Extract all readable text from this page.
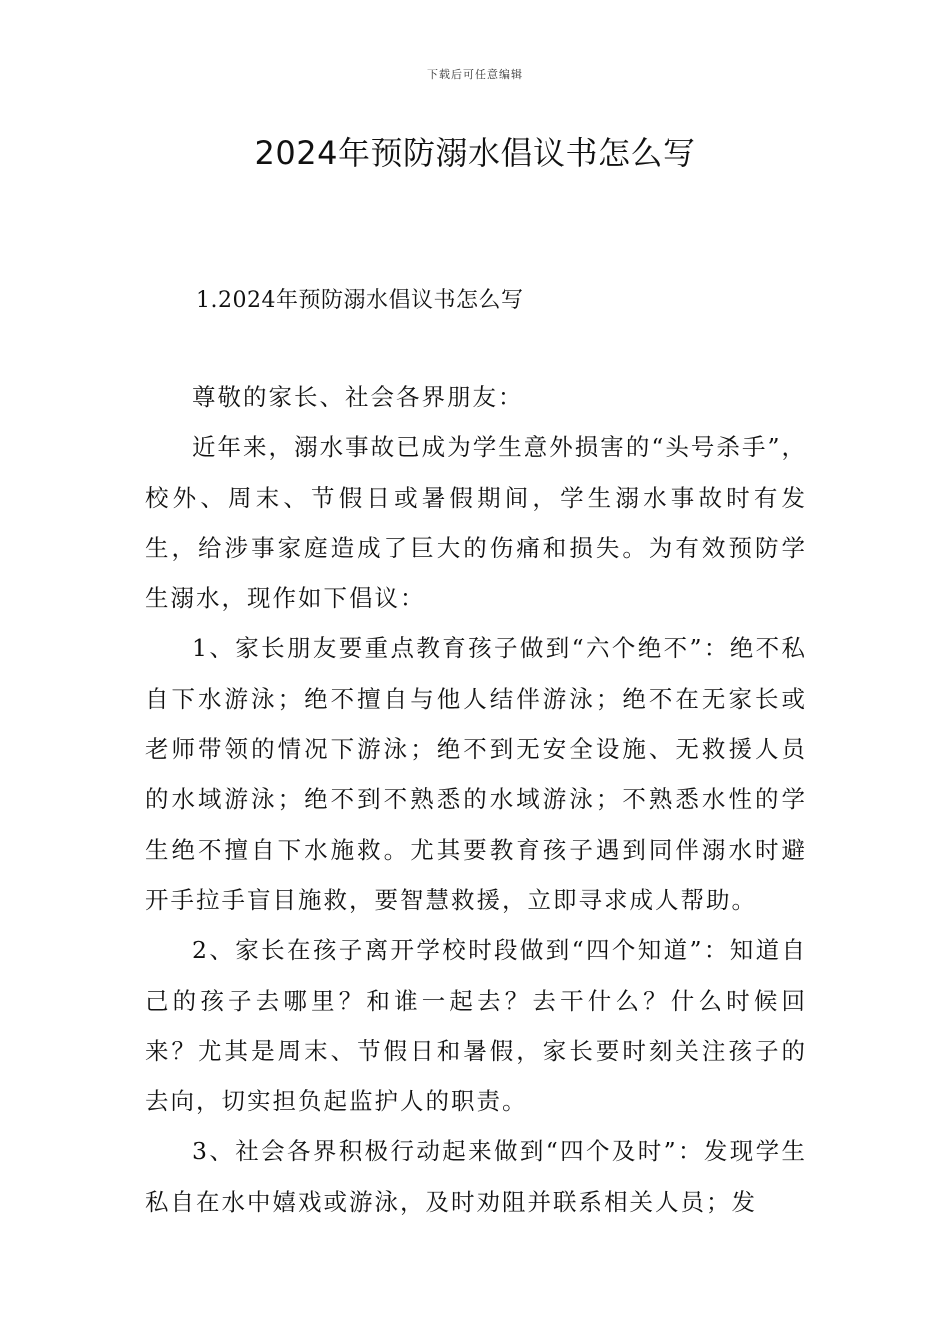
下载后可任意编辑
2024年预防溺水倡议书怎么写
1.2024年预防溺水倡议书怎么写

尊敬的家长、社会各界朋友：

近年来，溺水事故已成为学生意外损害的“头号杀手”，校外、周末、节假日或暑假期间，学生溺水事故时有发生，给涉事家庭造成了巨大的伤痛和损失。为有效预防学生溺水，现作如下倡议：

1、家长朋友要重点教育孩子做到“六个绝不”：绝不私自下水游泳；绝不擅自与他人结伴游泳；绝不在无家长或老师带领的情况下游泳；绝不到无安全设施、无救援人员的水域游泳；绝不到不熟悉的水域游泳；不熟悉水性的学生绝不擅自下水施救。尤其要教育孩子遇到同伴溺水时避开手拉手盲目施救，要智慧救援，立即寻求成人帮助。

2、家长在孩子离开学校时段做到“四个知道”：知道自己的孩子去哪里？和谁一起去？去干什么？什么时候回来？尤其是周末、节假日和暑假，家长要时刻关注孩子的去向，切实担负起监护人的职责。

3、社会各界积极行动起来做到“四个及时”：发现学生私自在水中嬉戏或游泳，及时劝阻并联系相关人员；发
